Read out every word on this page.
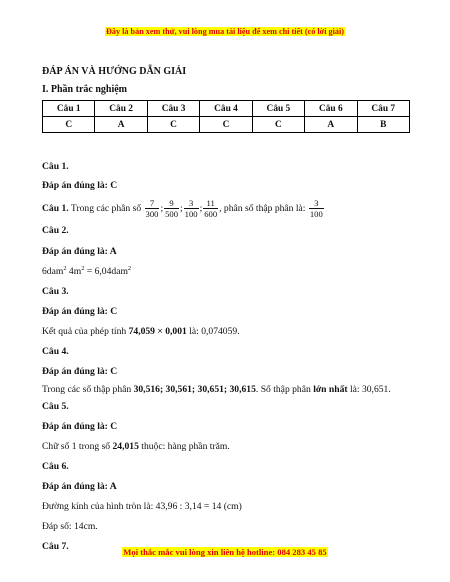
Đây là bản xem thử, vui lòng mua tài liệu để xem chi tiết (có lời giải)

ĐÁP ÁN VÀ HƯỚNG DẪN GIẢI

I. Phần trắc nghiệm

Câu 1	Câu 2	Câu 3	Câu 4	Câu 5	Câu 6	Câu 7
C	A	C	C	C	A	B

Câu 1.

Đáp án đúng là: C

Câu 1. Trong các phân số $\frac{7}{300}$ ; $\frac{9}{500}$ ; $\frac{3}{100}$ ; $\frac{11}{600}$ , phân số thập phân là: $\frac{3}{100}$

Câu 2.

Đáp án đúng là: A

6dam$^2$ $4m^2 = 6,04dam^2$

Câu 3.

Đáp án đúng là: C

Kết quả của phép tính 74,059 × 0,001 là: 0,074059.

Câu 4.

Đáp án đúng là: C

Trong các số thập phân 30,516; 30,561; 30,651; 30,615. Số thập phân lớn nhất là: 30,651.

Câu 5.

Đáp án đúng là: C

Chữ số 1 trong số 24,015 thuộc: hàng phần trăm.

Câu 6.

Đáp án đúng là: A

Đường kính của hình tròn là: 43,96 : 3,14 = 14 (cm)

Đáp số: 14cm.

Câu 7.	Mọi thắc mắc vui lòng xin liên hệ hotline: 084 283 45 85
